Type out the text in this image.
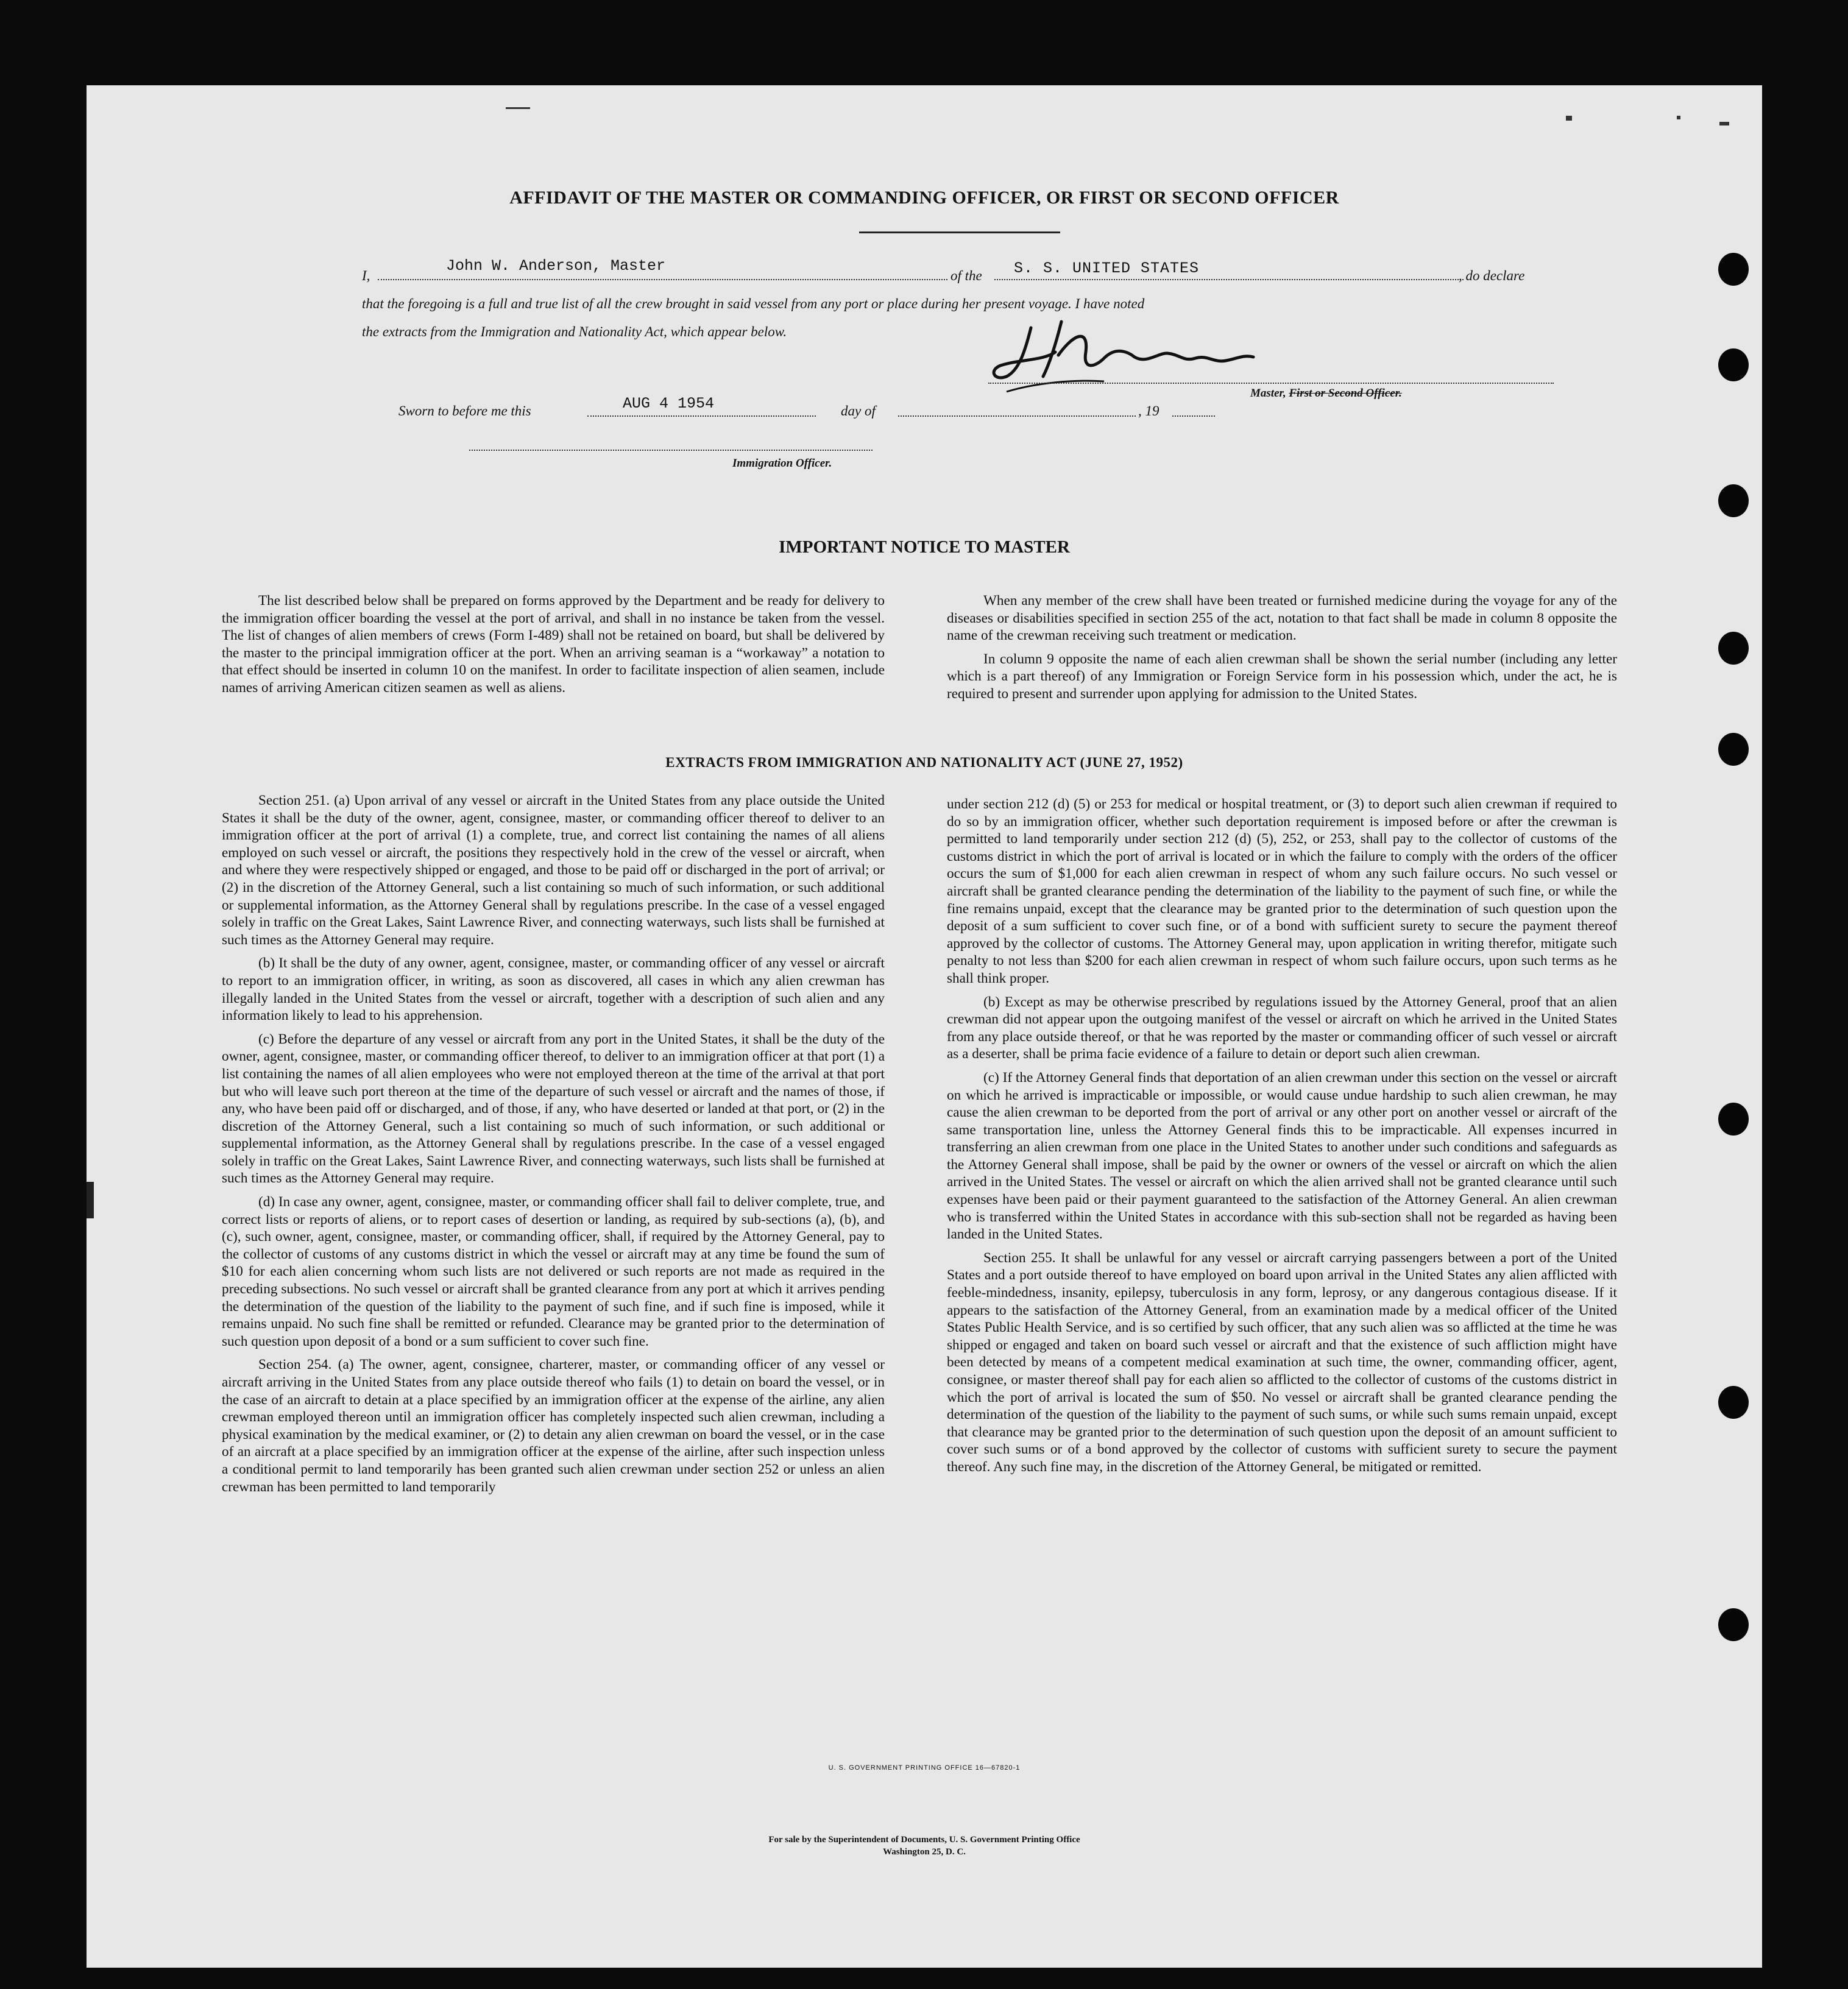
AFFIDAVIT OF THE MASTER OR COMMANDING OFFICER, OR FIRST OR SECOND OFFICER
I,
John W. Anderson, Master
of the S. S. UNITED STATES	, do declare
that the foregoing is a full and true list of all the crew brought in said vessel from any port or place during her present voyage. I have noted
the extracts from the Immigration and Nationality Act, which appear below.
Master, First or Second Officer.
Sworn to before me this	AUG 4 1954	day of	, 19
Immigration Officer.
IMPORTANT NOTICE TO MASTER

The list described below shall be prepared on forms approved by the Department and be ready for delivery to the immigration officer boarding the vessel at the port of arrival, and shall in no instance be taken from the vessel. The list of changes of alien members of crews (Form I-489) shall not be retained on board, but shall be delivered by the master to the principal immigration officer at the port. When an arriving seaman is a “workaway” a notation to that effect should be inserted in column 10 on the manifest. In order to facilitate inspection of alien seamen, include names of arriving American citizen seamen as well as aliens.

When any member of the crew shall have been treated or furnished medicine during the voyage for any of the diseases or disabilities specified in section 255 of the act, notation to that fact shall be made in column 8 opposite the name of the crewman receiving such treatment or medication.

In column 9 opposite the name of each alien crewman shall be shown the serial number (including any letter which is a part thereof) of any Immigration or Foreign Service form in his possession which, under the act, he is required to present and surrender upon applying for admission to the United States.

EXTRACTS FROM IMMIGRATION AND NATIONALITY ACT (JUNE 27, 1952)

Section 251. (a) Upon arrival of any vessel or aircraft in the United States from any place outside the United States it shall be the duty of the owner, agent, consignee, master, or commanding officer thereof to deliver to an immigration officer at the port of arrival (1) a complete, true, and correct list containing the names of all aliens employed on such vessel or aircraft, the positions they respectively hold in the crew of the vessel or aircraft, when and where they were respectively shipped or engaged, and those to be paid off or discharged in the port of arrival; or (2) in the discretion of the Attorney General, such a list containing so much of such information, or such additional or supplemental information, as the Attorney General shall by regulations prescribe. In the case of a vessel engaged solely in traffic on the Great Lakes, Saint Lawrence River, and connecting waterways, such lists shall be furnished at such times as the Attorney General may require.

(b) It shall be the duty of any owner, agent, consignee, master, or commanding officer of any vessel or aircraft to report to an immigration officer, in writing, as soon as discovered, all cases in which any alien crewman has illegally landed in the United States from the vessel or aircraft, together with a description of such alien and any information likely to lead to his apprehension.

(c) Before the departure of any vessel or aircraft from any port in the United States, it shall be the duty of the owner, agent, consignee, master, or commanding officer thereof, to deliver to an immigration officer at that port (1) a list containing the names of all alien employees who were not employed thereon at the time of the arrival at that port but who will leave such port thereon at the time of the departure of such vessel or aircraft and the names of those, if any, who have been paid off or discharged, and of those, if any, who have deserted or landed at that port, or (2) in the discretion of the Attorney General, such a list containing so much of such information, or such additional or supplemental information, as the Attorney General shall by regulations prescribe. In the case of a vessel engaged solely in traffic on the Great Lakes, Saint Lawrence River, and connecting waterways, such lists shall be furnished at such times as the Attorney General may require.

(d) In case any owner, agent, consignee, master, or commanding officer shall fail to deliver complete, true, and correct lists or reports of aliens, or to report cases of desertion or landing, as required by sub-sections (a), (b), and (c), such owner, agent, consignee, master, or commanding officer, shall, if required by the Attorney General, pay to the collector of customs of any customs district in which the vessel or aircraft may at any time be found the sum of $10 for each alien concerning whom such lists are not delivered or such reports are not made as required in the preceding subsections. No such vessel or aircraft shall be granted clearance from any port at which it arrives pending the determination of the question of the liability to the payment of such fine, and if such fine is imposed, while it remains unpaid. No such fine shall be remitted or refunded. Clearance may be granted prior to the determination of such question upon deposit of a bond or a sum sufficient to cover such fine.

Section 254. (a) The owner, agent, consignee, charterer, master, or commanding officer of any vessel or aircraft arriving in the United States from any place outside thereof who fails (1) to detain on board the vessel, or in the case of an aircraft to detain at a place specified by an immigration officer at the expense of the airline, any alien crewman employed thereon until an immigration officer has completely inspected such alien crewman, including a physical examination by the medical examiner, or (2) to detain any alien crewman on board the vessel, or in the case of an aircraft at a place specified by an immigration officer at the expense of the airline, after such inspection unless a conditional permit to land temporarily has been granted such alien crewman under section 252 or unless an alien crewman has been permitted to land temporarily

under section 212 (d) (5) or 253 for medical or hospital treatment, or (3) to deport such alien crewman if required to do so by an immigration officer, whether such deportation requirement is imposed before or after the crewman is permitted to land temporarily under section 212 (d) (5), 252, or 253, shall pay to the collector of customs of the customs district in which the port of arrival is located or in which the failure to comply with the orders of the officer occurs the sum of $1,000 for each alien crewman in respect of whom any such failure occurs. No such vessel or aircraft shall be granted clearance pending the determination of the liability to the payment of such fine, or while the fine remains unpaid, except that the clearance may be granted prior to the determination of such question upon the deposit of a sum sufficient to cover such fine, or of a bond with sufficient surety to secure the payment thereof approved by the collector of customs. The Attorney General may, upon application in writing therefor, mitigate such penalty to not less than $200 for each alien crewman in respect of whom such failure occurs, upon such terms as he shall think proper.

(b) Except as may be otherwise prescribed by regulations issued by the Attorney General, proof that an alien crewman did not appear upon the outgoing manifest of the vessel or aircraft on which he arrived in the United States from any place outside thereof, or that he was reported by the master or commanding officer of such vessel or aircraft as a deserter, shall be prima facie evidence of a failure to detain or deport such alien crewman.

(c) If the Attorney General finds that deportation of an alien crewman under this section on the vessel or aircraft on which he arrived is impracticable or impossible, or would cause undue hardship to such alien crewman, he may cause the alien crewman to be deported from the port of arrival or any other port on another vessel or aircraft of the same transportation line, unless the Attorney General finds this to be impracticable. All expenses incurred in transferring an alien crewman from one place in the United States to another under such conditions and safeguards as the Attorney General shall impose, shall be paid by the owner or owners of the vessel or aircraft on which the alien arrived in the United States. The vessel or aircraft on which the alien arrived shall not be granted clearance until such expenses have been paid or their payment guaranteed to the satisfaction of the Attorney General. An alien crewman who is transferred within the United States in accordance with this sub-section shall not be regarded as having been landed in the United States.

Section 255. It shall be unlawful for any vessel or aircraft carrying passengers between a port of the United States and a port outside thereof to have employed on board upon arrival in the United States any alien afflicted with feeble-mindedness, insanity, epilepsy, tuberculosis in any form, leprosy, or any dangerous contagious disease. If it appears to the satisfaction of the Attorney General, from an examination made by a medical officer of the United States Public Health Service, and is so certified by such officer, that any such alien was so afflicted at the time he was shipped or engaged and taken on board such vessel or aircraft and that the existence of such affliction might have been detected by means of a competent medical examination at such time, the owner, commanding officer, agent, consignee, or master thereof shall pay for each alien so afflicted to the collector of customs of the customs district in which the port of arrival is located the sum of $50. No vessel or aircraft shall be granted clearance pending the determination of the question of the liability to the payment of such sums, or while such sums remain unpaid, except that clearance may be granted prior to the determination of such question upon the deposit of an amount sufficient to cover such sums or of a bond approved by the collector of customs with sufficient surety to secure the payment thereof. Any such fine may, in the discretion of the Attorney General, be mitigated or remitted.

U. S. GOVERNMENT PRINTING OFFICE 16—67820-1
For sale by the Superintendent of Documents, U. S. Government Printing Office
Washington 25, D. C.
